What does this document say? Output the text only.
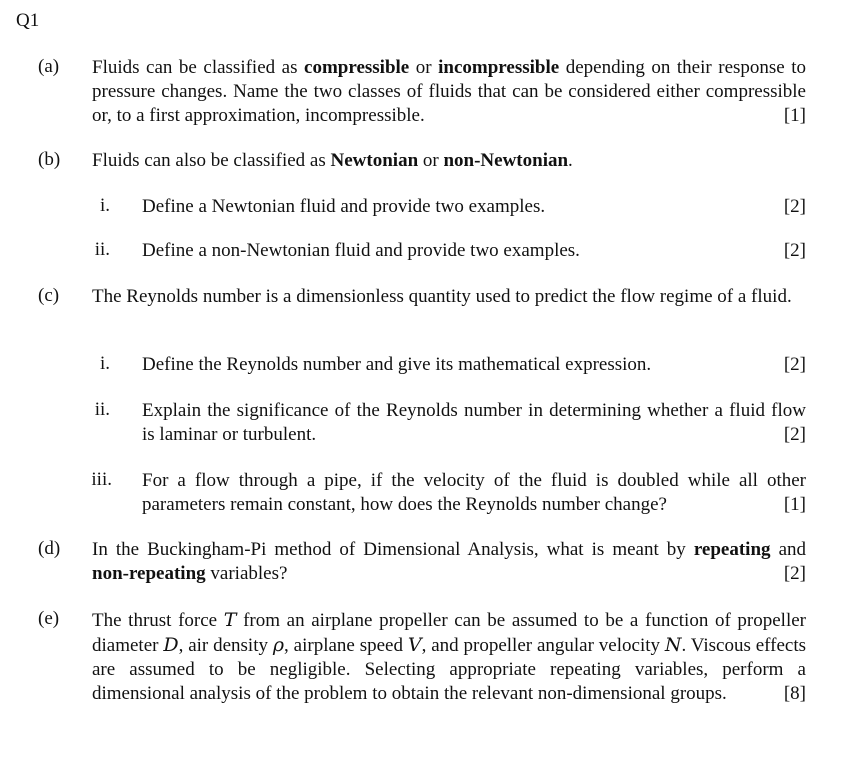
Q1
(a) Fluids can be classified as compressible or incompressible depending on their response to pressure changes. Name the two classes of fluids that can be considered either compressible or, to a first approximation, incompressible.	[1]
(b) Fluids can also be classified as Newtonian or non-Newtonian.
i. Define a Newtonian fluid and provide two examples.	[2]
ii. Define a non-Newtonian fluid and provide two examples.	[2]
(c) The Reynolds number is a dimensionless quantity used to predict the flow regime of a fluid.
i. Define the Reynolds number and give its mathematical expression.	[2]
ii. Explain the significance of the Reynolds number in determining whether a fluid flow is laminar or turbulent.	[2]
iii. For a flow through a pipe, if the velocity of the fluid is doubled while all other parameters remain constant, how does the Reynolds number change?	[1]
(d) In the Buckingham-Pi method of Dimensional Analysis, what is meant by repeating and non-repeating variables?	[2]
(e) The thrust force T from an airplane propeller can be assumed to be a function of propeller diameter D, air density ρ, airplane speed V, and propeller angular velocity N. Viscous effects are assumed to be negligible. Selecting appropriate repeating variables, perform a dimensional analysis of the problem to obtain the relevant non-dimensional groups.	[8]
